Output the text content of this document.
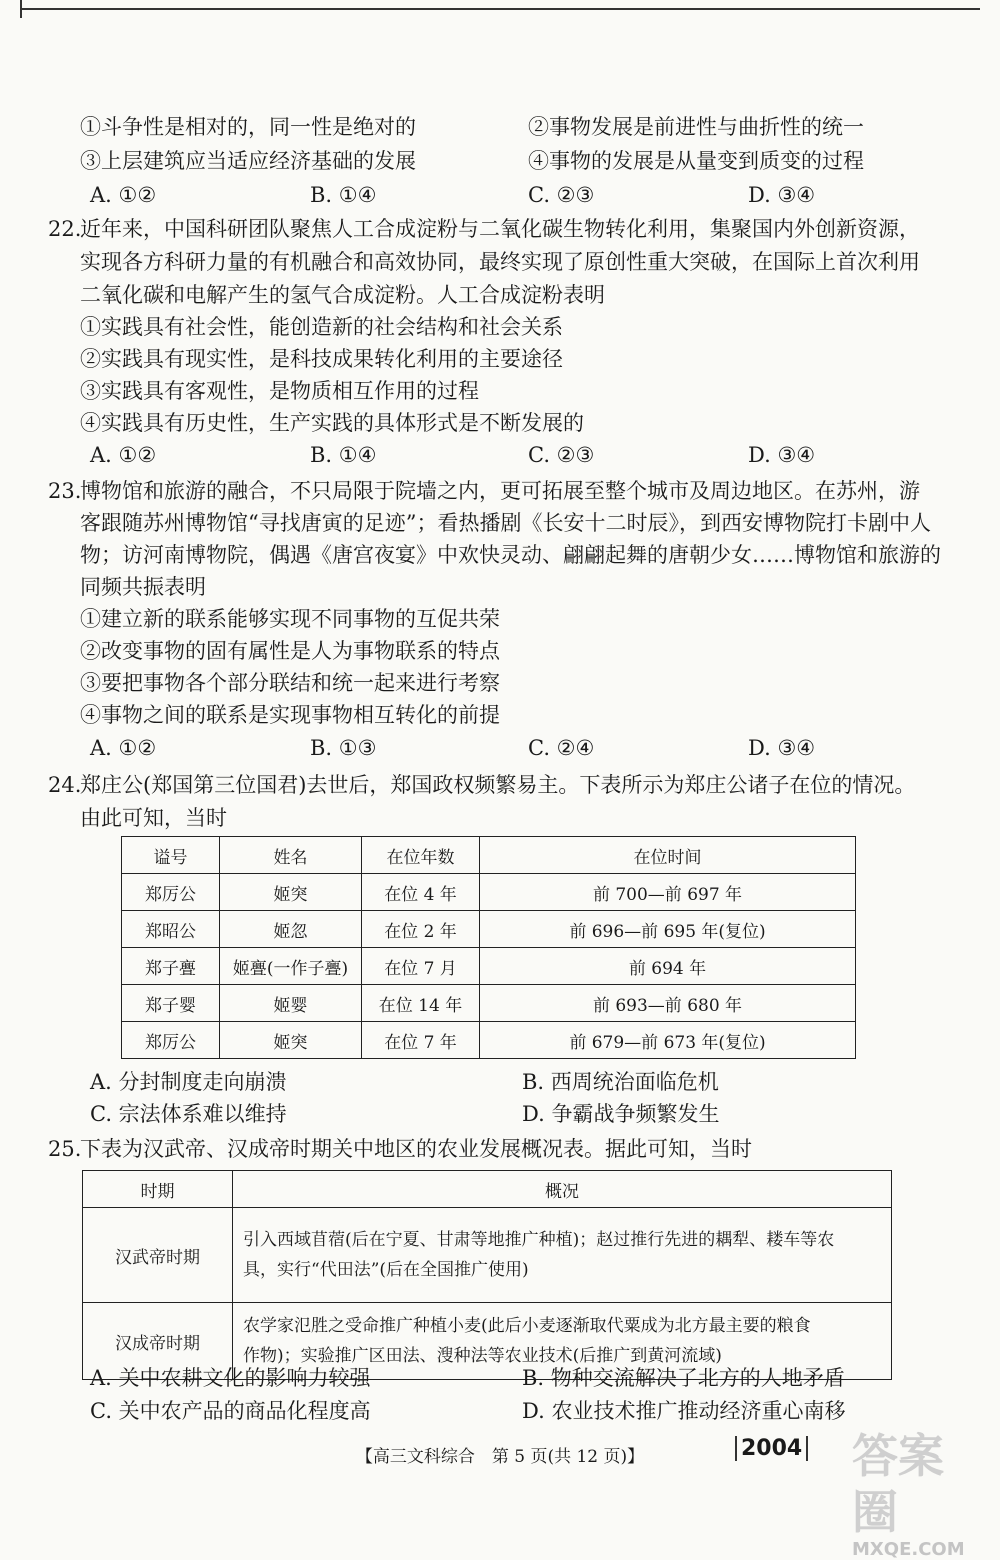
①斗争性是相对的，同一性是绝对的	②事物发展是前进性与曲折性的统一
③上层建筑应当适应经济基础的发展	④事物的发展是从量变到质变的过程
A. ①②	B. ①④	C. ②③	D. ③④
22.
近年来，中国科研团队聚焦人工合成淀粉与二氧化碳生物转化利用，集聚国内外创新资源，
实现各方科研力量的有机融合和高效协同，最终实现了原创性重大突破，在国际上首次利用
二氧化碳和电解产生的氢气合成淀粉。人工合成淀粉表明
①实践具有社会性，能创造新的社会结构和社会关系
②实践具有现实性，是科技成果转化利用的主要途径
③实践具有客观性，是物质相互作用的过程
④实践具有历史性，生产实践的具体形式是不断发展的
A. ①②	B. ①④	C. ②③	D. ③④
23.
博物馆和旅游的融合，不只局限于院墙之内，更可拓展至整个城市及周边地区。在苏州，游
客跟随苏州博物馆“寻找唐寅的足迹”；看热播剧《长安十二时辰》，到西安博物院打卡剧中人
物；访河南博物院，偶遇《唐宫夜宴》中欢快灵动、翩翩起舞的唐朝少女……博物馆和旅游的
同频共振表明
①建立新的联系能够实现不同事物的互促共荣
②改变事物的固有属性是人为事物联系的特点
③要把事物各个部分联结和统一起来进行考察
④事物之间的联系是实现事物相互转化的前提
A. ①②	B. ①③	C. ②④	D. ③④
24.
郑庄公(郑国第三位国君)去世后，郑国政权频繁易主。下表所示为郑庄公诸子在位的情况。
由此可知，当时
谥号	姓名	在位年数	在位时间
郑厉公	姬突	在位 4 年	前 700—前 697 年
郑昭公	姬忽	在位 2 年	前 696—前 695 年(复位)
郑子亹	姬亹(一作子亹)	在位 7 月	前 694 年
郑子婴	姬婴	在位 14 年	前 693—前 680 年
郑厉公	姬突	在位 7 年	前 679—前 673 年(复位)
A. 分封制度走向崩溃	B. 西周统治面临危机
C. 宗法体系难以维持	D. 争霸战争频繁发生
25.
下表为汉武帝、汉成帝时期关中地区的农业发展概况表。据此可知，当时
时期	概况
汉武帝时期	引入西域苜蓿(后在宁夏、甘肃等地推广种植)；赵过推行先进的耦犁、耧车等农
具，实行“代田法”(后在全国推广使用)

汉成帝时期	农学家氾胜之受命推广种植小麦(此后小麦逐渐取代粟成为北方最主要的粮食
作物)；实验推广区田法、溲种法等农业技术(后推广到黄河流域)
A. 关中农耕文化的影响力较强	B. 物种交流解决了北方的人地矛盾
C. 关中农产品的商品化程度高	D. 农业技术推广推动经济重心南移
【高三文科综合　第 5 页(共 12 页)】	2004 答案圈
MXQE.COM
